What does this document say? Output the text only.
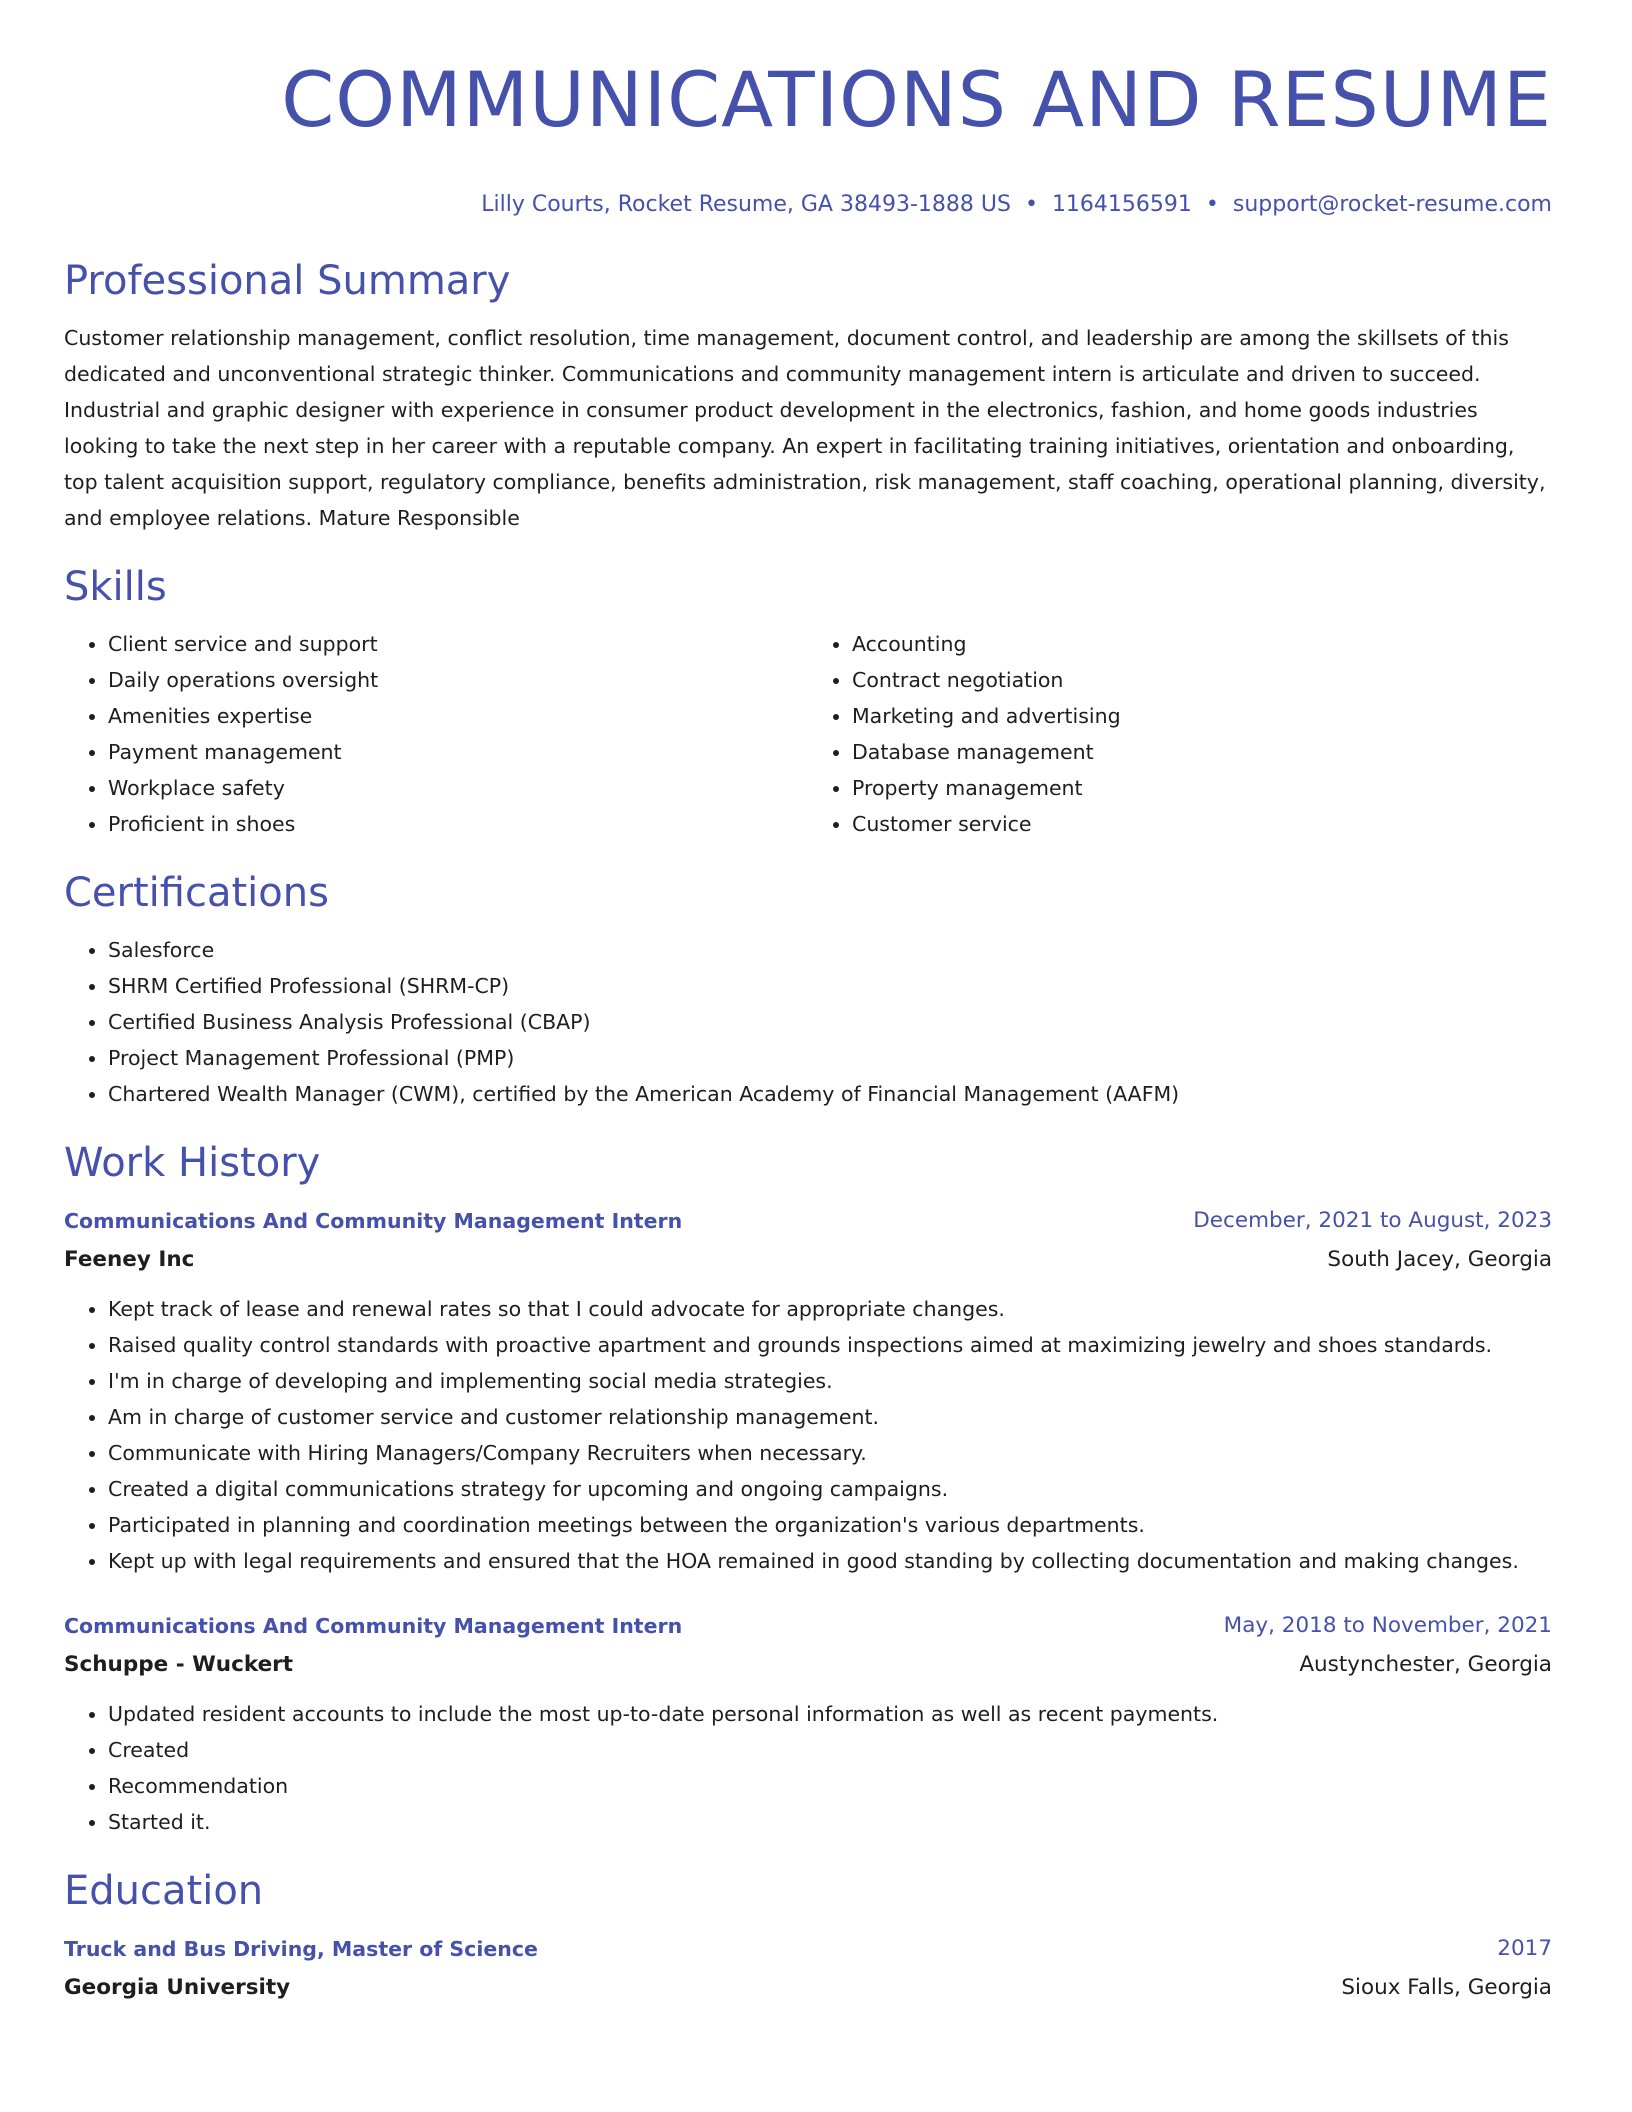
COMMUNICATIONS AND RESUME
Lilly Courts, Rocket Resume, GA 38493-1888 US • 1164156591 • support@rocket-resume.com
Professional Summary
Customer relationship management, conflict resolution, time management, document control, and leadership are among the skillsets of this dedicated and unconventional strategic thinker. Communications and community management intern is articulate and driven to succeed. Industrial and graphic designer with experience in consumer product development in the electronics, fashion, and home goods industries looking to take the next step in her career with a reputable company. An expert in facilitating training initiatives, orientation and onboarding, top talent acquisition support, regulatory compliance, benefits administration, risk management, staff coaching, operational planning, diversity, and employee relations. Mature Responsible
Skills
• Client service and support
• Daily operations oversight
• Amenities expertise
• Payment management
• Workplace safety
• Proficient in shoes
• Accounting
• Contract negotiation
• Marketing and advertising
• Database management
• Property management
• Customer service
Certifications
• Salesforce
• SHRM Certified Professional (SHRM-CP)
• Certified Business Analysis Professional (CBAP)
• Project Management Professional (PMP)
• Chartered Wealth Manager (CWM), certified by the American Academy of Financial Management (AAFM)
Work History
Communications And Community Management Intern	December, 2021 to August, 2023
Feeney Inc	South Jacey, Georgia
• Kept track of lease and renewal rates so that I could advocate for appropriate changes.
• Raised quality control standards with proactive apartment and grounds inspections aimed at maximizing jewelry and shoes standards.
• I'm in charge of developing and implementing social media strategies.
• Am in charge of customer service and customer relationship management.
• Communicate with Hiring Managers/Company Recruiters when necessary.
• Created a digital communications strategy for upcoming and ongoing campaigns.
• Participated in planning and coordination meetings between the organization's various departments.
• Kept up with legal requirements and ensured that the HOA remained in good standing by collecting documentation and making changes.
Communications And Community Management Intern	May, 2018 to November, 2021
Schuppe - Wuckert	Austynchester, Georgia
• Updated resident accounts to include the most up-to-date personal information as well as recent payments.
• Created
• Recommendation
• Started it.
Education
Truck and Bus Driving, Master of Science	2017
Georgia University	Sioux Falls, Georgia
